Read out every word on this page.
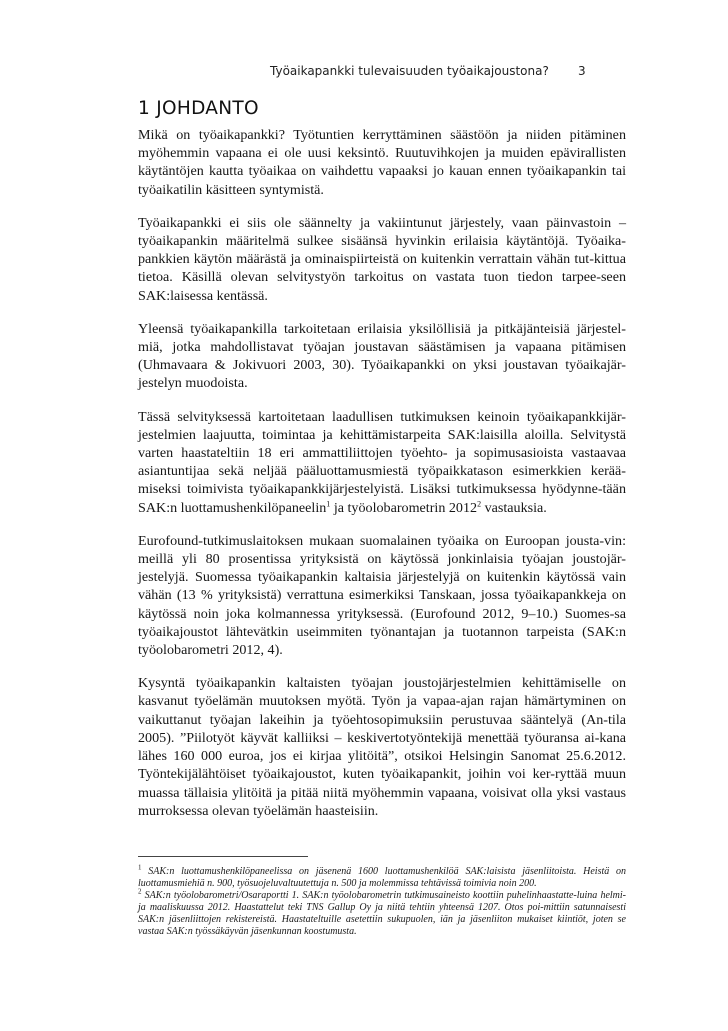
Työaikapankki tulevaisuuden työaikajoustona? 3
1 JOHDANTO

Mikä on työaikapankki? Työtuntien kerryttäminen säästöön ja niiden pitäminen myöhemmin vapaana ei ole uusi keksintö. Ruutuvihkojen ja muiden epävirallisten käytäntöjen kautta työaikaa on vaihdettu vapaaksi jo kauan ennen työaikapankin tai työaikatilin käsitteen syntymistä.

Työaikapankki ei siis ole säännelty ja vakiintunut järjestely, vaan päinvastoin – työaikapankin määritelmä sulkee sisäänsä hyvinkin erilaisia käytäntöjä. Työaika-pankkien käytön määrästä ja ominaispiirteistä on kuitenkin verrattain vähän tut-kittua tietoa. Käsillä olevan selvitystyön tarkoitus on vastata tuon tiedon tarpee-seen SAK:laisessa kentässä.

Yleensä työaikapankilla tarkoitetaan erilaisia yksilöllisiä ja pitkäjänteisiä järjestel-miä, jotka mahdollistavat työajan joustavan säästämisen ja vapaana pitämisen (Uhmavaara & Jokivuori 2003, 30). Työaikapankki on yksi joustavan työaikajär-jestelyn muodoista.

Tässä selvityksessä kartoitetaan laadullisen tutkimuksen keinoin työaikapankkijär-jestelmien laajuutta, toimintaa ja kehittämistarpeita SAK:laisilla aloilla. Selvitystä varten haastateltiin 18 eri ammattiliittojen työehto- ja sopimusasioista vastaavaa asiantuntijaa sekä neljää pääluottamusmiestä työpaikkatason esimerkkien kerää-miseksi toimivista työaikapankkijärjestelyistä. Lisäksi tutkimuksessa hyödynne-tään SAK:n luottamushenkilöpaneelin$^1$ ja työolobarometrin 2012$^2$ vastauksia.

Eurofound-tutkimuslaitoksen mukaan suomalainen työaika on Euroopan jousta-vin: meillä yli 80 prosentissa yrityksistä on käytössä jonkinlaisia työajan joustojär-jestelyjä. Suomessa työaikapankin kaltaisia järjestelyjä on kuitenkin käytössä vain vähän (13 % yrityksistä) verrattuna esimerkiksi Tanskaan, jossa työaikapankkeja on käytössä noin joka kolmannessa yrityksessä. (Eurofound 2012, 9–10.) Suomes-sa työaikajoustot lähtevätkin useimmiten työnantajan ja tuotannon tarpeista (SAK:n työolobarometri 2012, 4).

Kysyntä työaikapankin kaltaisten työajan joustojärjestelmien kehittämiselle on kasvanut työelämän muutoksen myötä. Työn ja vapaa-ajan rajan hämärtyminen on vaikuttanut työajan lakeihin ja työehtosopimuksiin perustuvaa sääntelyä (An-tila 2005). ”Piilotyöt käyvät kalliiksi – keskivertotyöntekijä menettää työuransa ai-kana lähes 160 000 euroa, jos ei kirjaa ylitöitä”, otsikoi Helsingin Sanomat 25.6.2012. Työntekijälähtöiset työaikajoustot, kuten työaikapankit, joihin voi ker-ryttää muun muassa tällaisia ylitöitä ja pitää niitä myöhemmin vapaana, voisivat olla yksi vastaus murroksessa olevan työelämän haasteisiin.

$^1$ SAK:n luottamushenkilöpaneelissa on jäsenenä 1600 luottamushenkilöä SAK:laisista jäsenliitoista. Heistä on luottamusmiehiä n. 900, työsuojeluvaltuutettuja n. 500 ja molemmissa tehtävissä toimivia noin 200.

$^2$ SAK:n työolobarometri/Osaraportti 1. SAK:n työolobarometrin tutkimusaineisto koottiin puhelinhaastatte-luina helmi- ja maaliskuussa 2012. Haastattelut teki TNS Gallup Oy ja niitä tehtiin yhteensä 1207. Otos poi-mittiin satunnaisesti SAK:n jäsenliittojen rekistereistä. Haastateltuille asetettiin sukupuolen, iän ja jäsenliiton mukaiset kiintiöt, joten se vastaa SAK:n työssäkäyvän jäsenkunnan koostumusta.
